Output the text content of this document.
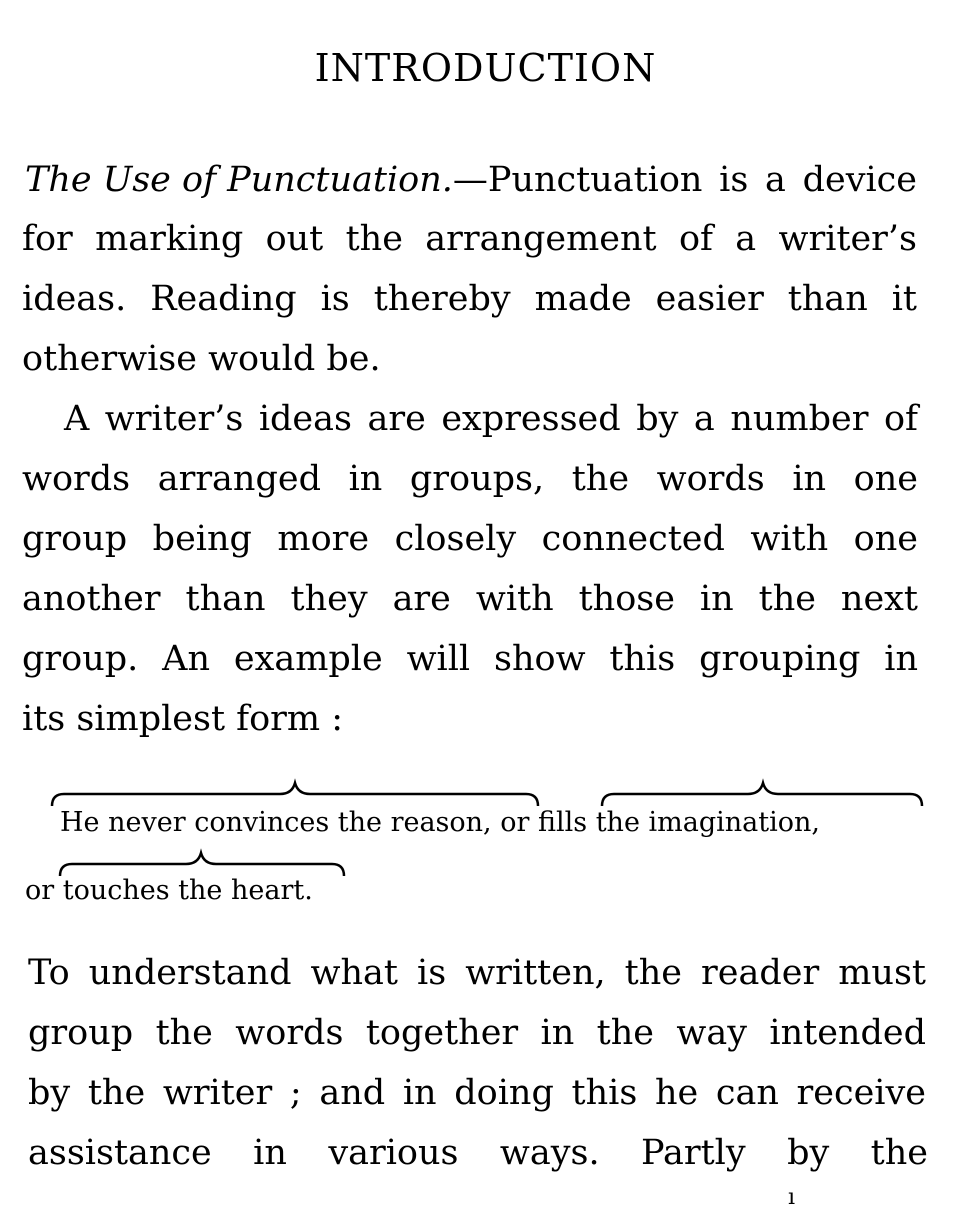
INTRODUCTION
The Use of Punctuation. — Punctuation is a device
for marking out the arrangement of a writer’s
ideas. Reading is thereby made easier than it
otherwise would be.
A writer’s ideas are expressed by a number of
words arranged in groups, the words in one
group being more closely connected with one
another than they are with those in the next
group. An example will show this grouping in
its simplest form :
He never convinces the reason, or fills the imagination,
or touches the heart.
To understand what is written, the reader must
group the words together in the way intended
by the writer ; and in doing this he can receive
assistance in various ways. Partly by the
ı
